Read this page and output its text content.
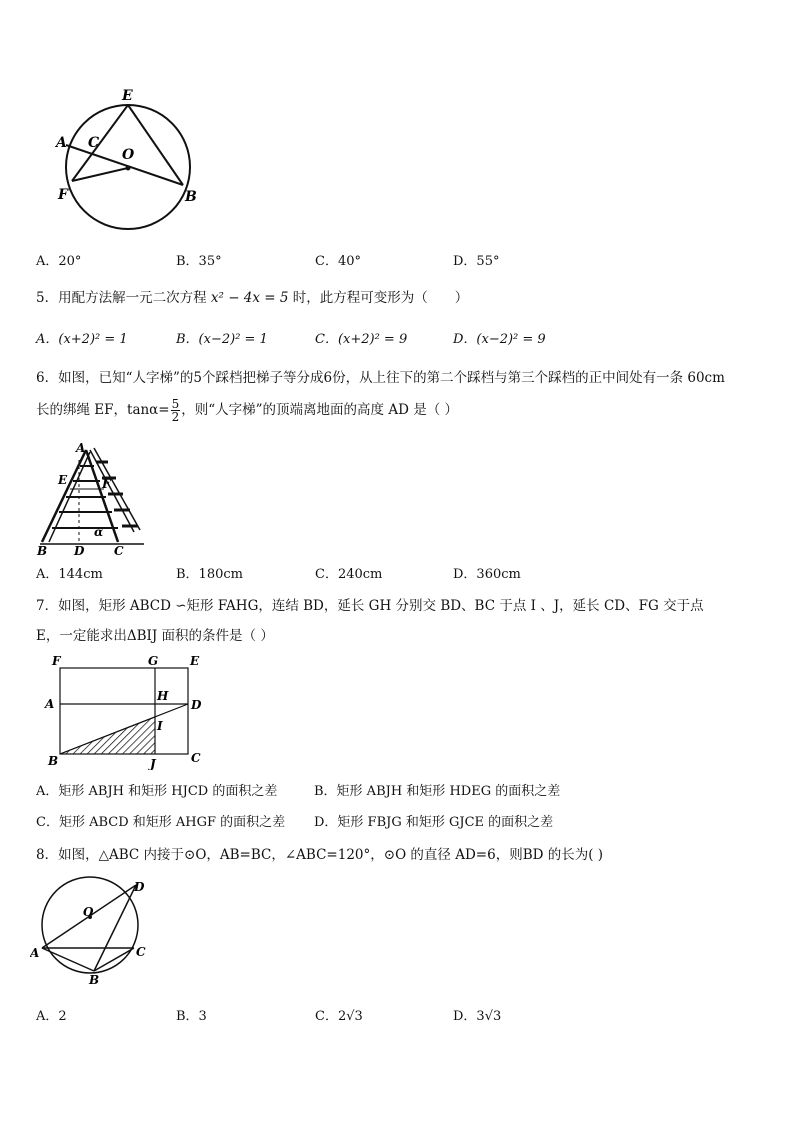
E
A C
O
F	B
A．20°	B．35°	C．40°	D．55°
5．用配方法解一元二次方程 x² − 4x = 5 时，此方程可变形为（　　）
A．(x+2)² = 1	B．(x−2)² = 1	C．(x+2)² = 9	D．(x−2)² = 9
6．如图，已知“人字梯”的5个踩档把梯子等分成6份，从上往下的第二个踩档与第三个踩档的正中间处有一条 60cm
长的绑绳 EF，$\tan\alpha= \frac{5}{2}$ ，则“人字梯”的顶端离地面的高度 AD 是（ ）
A
E	F
B D C
α
A．144cm	B．180cm	C．240cm	D．360cm
7．如图，矩形 ABCD ∽矩形 FAHG，连结 BD，延长 GH 分别交 BD、BC 于点 I 、J，延长 CD、FG 交于点
E，一定能求出ΔBIJ 面积的条件是（ ）
F	G	E
A
H
D
I
B	J	C
A．矩形 ABJH 和矩形 HJCD 的面积之差	B．矩形 ABJH 和矩形 HDEG 的面积之差
C．矩形 ABCD 和矩形 AHGF 的面积之差 D．矩形 FBJG 和矩形 GJCE 的面积之差
8．如图，△ABC 内接于⊙O，AB=BC，∠ABC=120°，⊙O 的直径 AD=6，则BD 的长为( )
D
O
A	C
B
A．2	B．3	C．2√3	D．3√3
